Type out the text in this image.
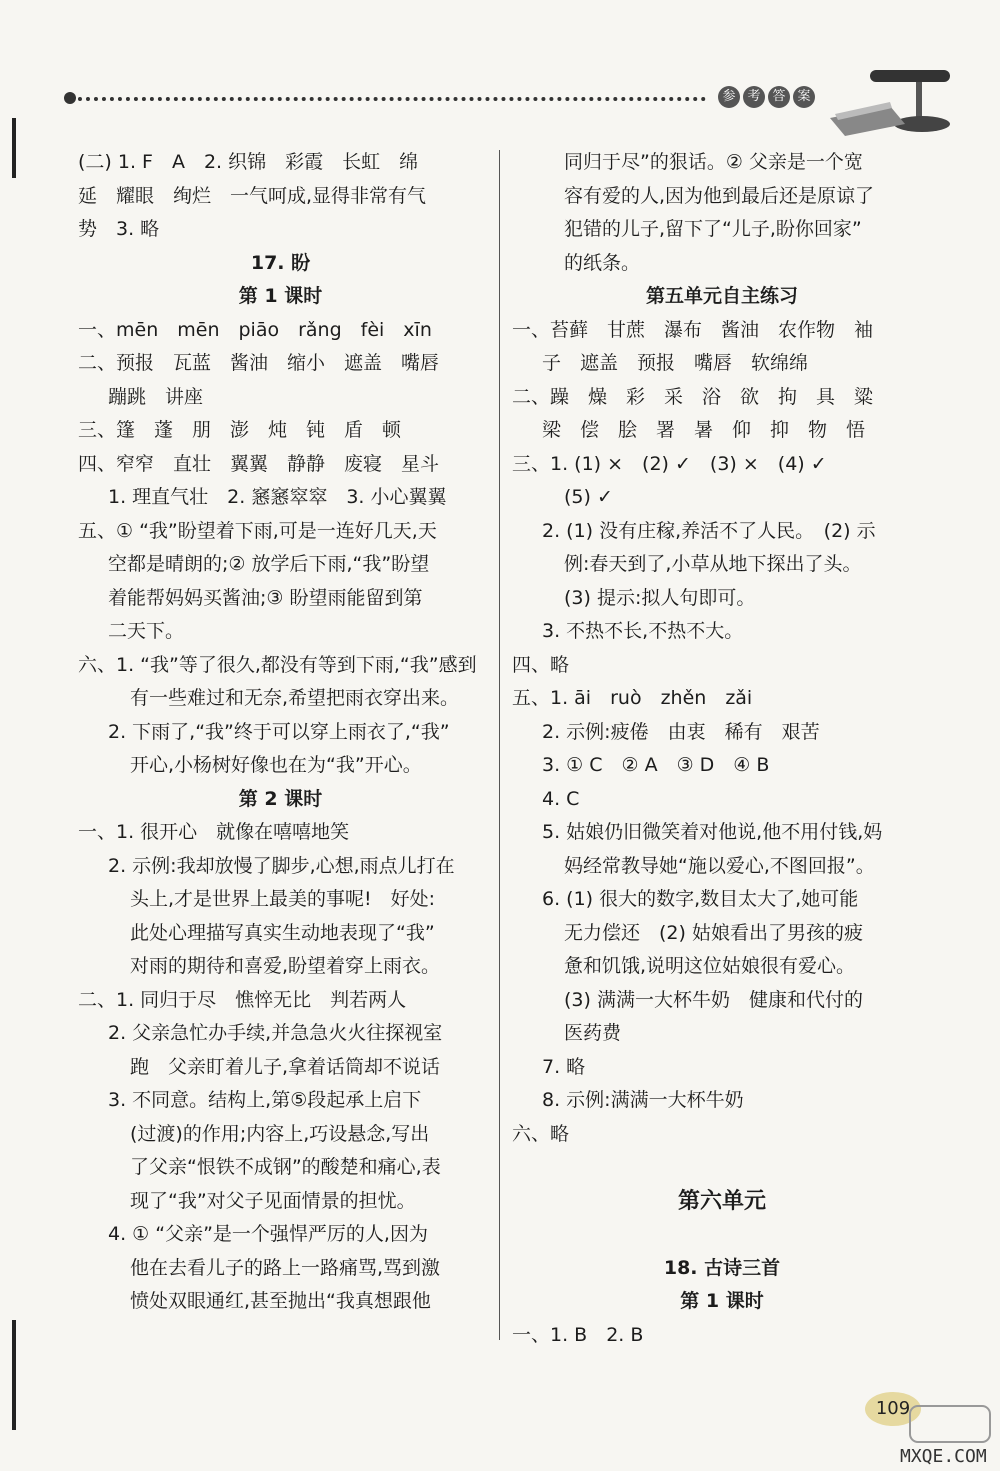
参 考 答 案
(二) 1. F　A　2. 织锦　彩霞　长虹　绵
延　耀眼　绚烂　一气呵成,显得非常有气
势　3. 略
17. 盼
第 1 课时
一、mēn　mēn　piāo　rǎng　fèi　xīn
二、预报　瓦蓝　酱油　缩小　遮盖　嘴唇
蹦跳　讲座
三、篷　蓬　朋　澎　炖　钝　盾　顿
四、窄窄　直壮　翼翼　静静　废寝　星斗
1. 理直气壮　2. 窸窸窣窣　3. 小心翼翼
五、① “我”盼望着下雨,可是一连好几天,天
空都是晴朗的;② 放学后下雨,“我”盼望
着能帮妈妈买酱油;③ 盼望雨能留到第
二天下。
六、1. “我”等了很久,都没有等到下雨,“我”感到
有一些难过和无奈,希望把雨衣穿出来。
2. 下雨了,“我”终于可以穿上雨衣了,“我”
开心,小杨树好像也在为“我”开心。
第 2 课时
一、1. 很开心　就像在嘻嘻地笑
2. 示例:我却放慢了脚步,心想,雨点儿打在
头上,才是世界上最美的事呢!　好处:
此处心理描写真实生动地表现了“我”
对雨的期待和喜爱,盼望着穿上雨衣。
二、1. 同归于尽　憔悴无比　判若两人
2. 父亲急忙办手续,并急急火火往探视室
跑　父亲盯着儿子,拿着话筒却不说话
3. 不同意。结构上,第⑤段起承上启下
(过渡)的作用;内容上,巧设悬念,写出
了父亲“恨铁不成钢”的酸楚和痛心,表
现了“我”对父子见面情景的担忧。
4. ① “父亲”是一个强悍严厉的人,因为
他在去看儿子的路上一路痛骂,骂到激
愤处双眼通红,甚至抛出“我真想跟他
同归于尽”的狠话。② 父亲是一个宽
容有爱的人,因为他到最后还是原谅了
犯错的儿子,留下了“儿子,盼你回家”
的纸条。
第五单元自主练习
一、苔藓　甘蔗　瀑布　酱油　农作物　袖
子　遮盖　预报　嘴唇　软绵绵
二、躁　燥　彩　采　浴　欲　拘　具　粱
梁　偿　脍　署　暑　仰　抑　物　悟
三、1. (1) ×　(2) ✓　(3) ×　(4) ✓
(5) ✓
2. (1) 没有庄稼,养活不了人民。　(2) 示
例:春天到了,小草从地下探出了头。
(3) 提示:拟人句即可。
3. 不热不长,不热不大。
四、略
五、1. āi　ruò　zhěn　zǎi
2. 示例:疲倦　由衷　稀有　艰苦
3. ① C　② A　③ D　④ B
4. C
5. 姑娘仍旧微笑着对他说,他不用付钱,妈
妈经常教导她“施以爱心,不图回报”。
6. (1) 很大的数字,数目太大了,她可能
无力偿还　(2) 姑娘看出了男孩的疲
惫和饥饿,说明这位姑娘很有爱心。
(3) 满满一大杯牛奶　健康和代付的
医药费
7. 略
8. 示例:满满一大杯牛奶
六、略

第六单元

18. 古诗三首
第 1 课时
一、1. B　2. B
109
MXQE.COM
